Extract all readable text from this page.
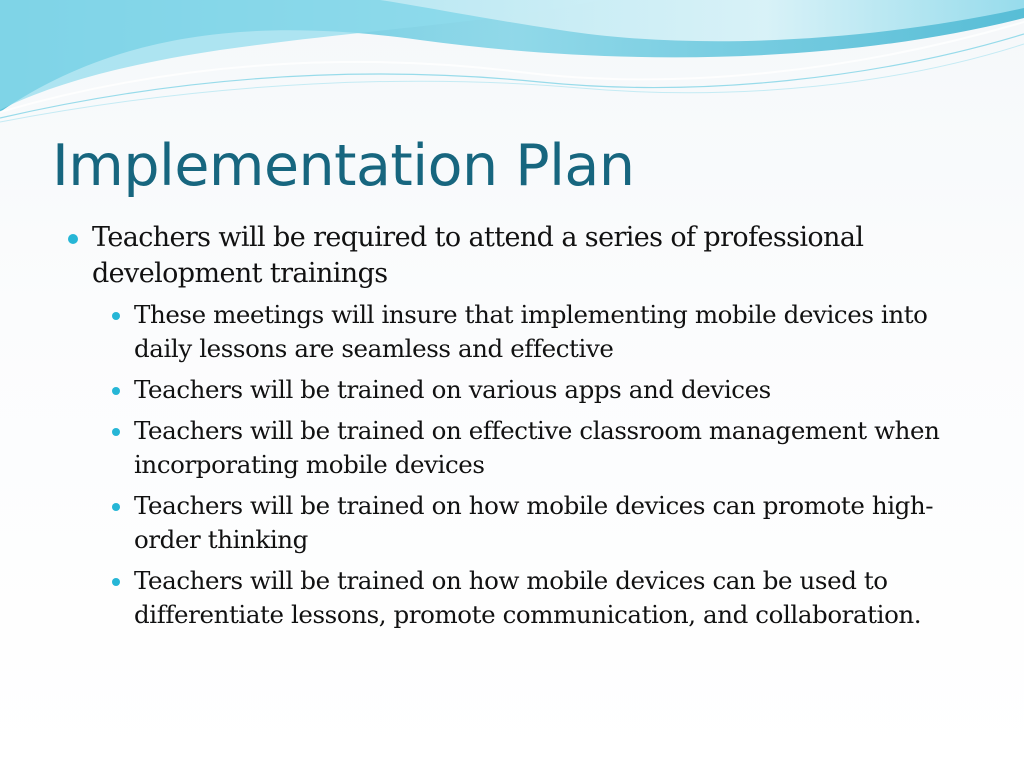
Implementation Plan
Teachers will be required to attend a series of professional development trainings
These meetings will insure that implementing mobile devices into daily lessons are seamless and effective
Teachers will be trained on various apps and devices
Teachers will be trained on effective classroom management when incorporating mobile devices
Teachers will be trained on how mobile devices can promote high-order thinking
Teachers will be trained on how mobile devices can be used to differentiate lessons, promote communication, and collaboration.
